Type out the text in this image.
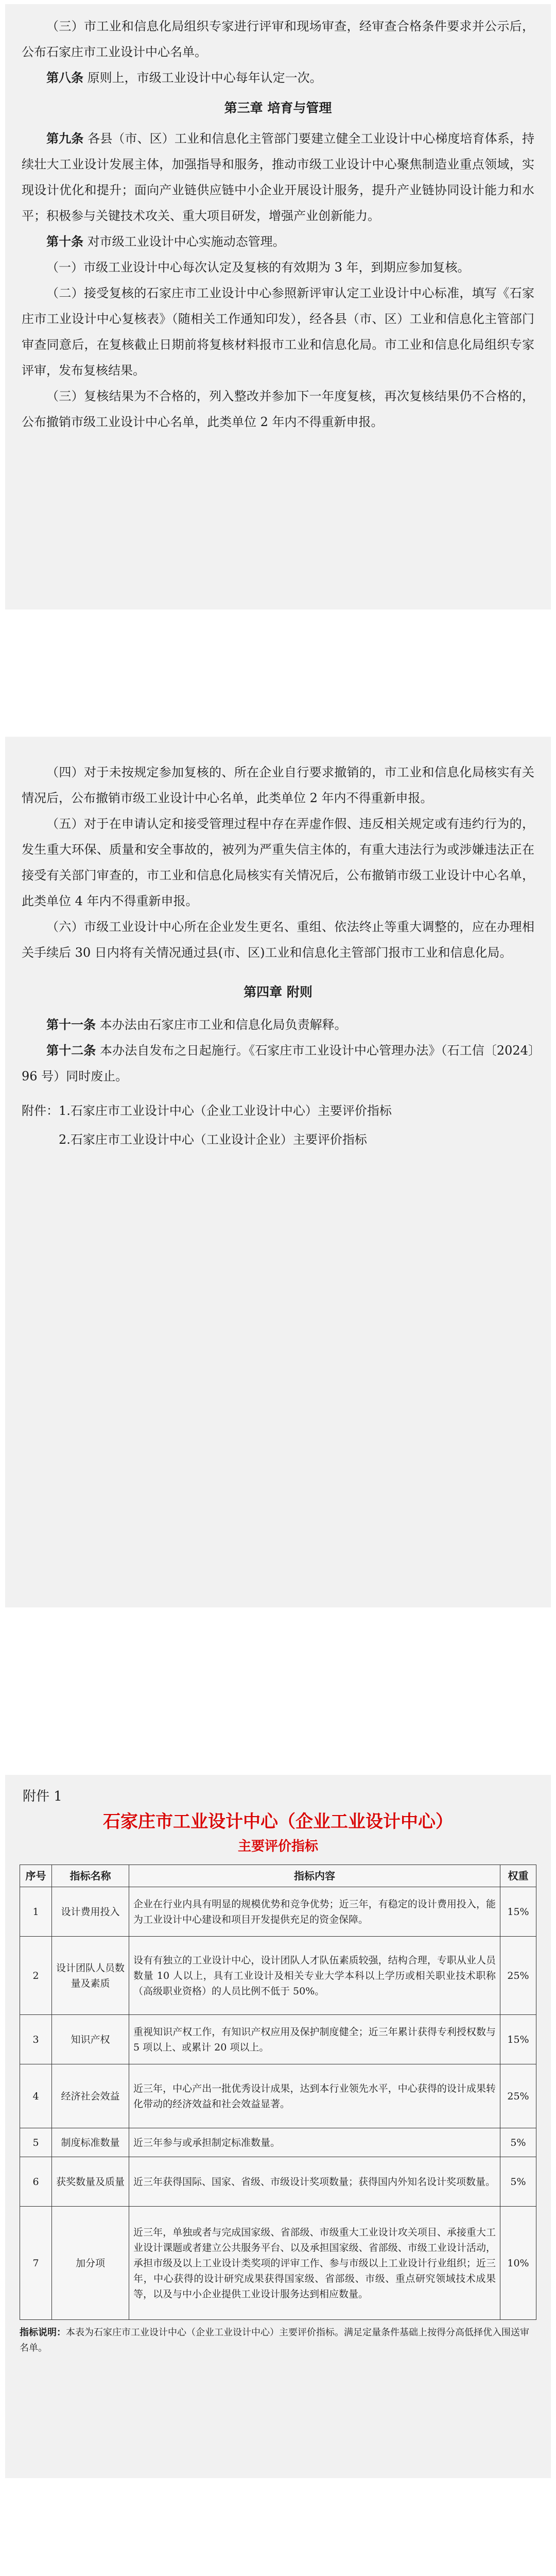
（三）市工业和信息化局组织专家进行评审和现场审查，经审查合格条件要求并公示后，公布石家庄市工业设计中心名单。

第八条 原则上，市级工业设计中心每年认定一次。

第三章 培育与管理

第九条 各县（市、区）工业和信息化主管部门要建立健全工业设计中心梯度培育体系，持续壮大工业设计发展主体，加强指导和服务，推动市级工业设计中心聚焦制造业重点领域，实现设计优化和提升；面向产业链供应链中小企业开展设计服务，提升产业链协同设计能力和水平；积极参与关键技术攻关、重大项目研发，增强产业创新能力。

第十条 对市级工业设计中心实施动态管理。

（一）市级工业设计中心每次认定及复核的有效期为 3 年，到期应参加复核。

（二）接受复核的石家庄市工业设计中心参照新评审认定工业设计中心标准，填写《石家庄市工业设计中心复核表》（随相关工作通知印发），经各县（市、区）工业和信息化主管部门审查同意后，在复核截止日期前将复核材料报市工业和信息化局。市工业和信息化局组织专家评审，发布复核结果。

（三）复核结果为不合格的，列入整改并参加下一年度复核，再次复核结果仍不合格的，公布撤销市级工业设计中心名单，此类单位 2 年内不得重新申报。

（四）对于未按规定参加复核的、所在企业自行要求撤销的，市工业和信息化局核实有关情况后，公布撤销市级工业设计中心名单，此类单位 2 年内不得重新申报。

（五）对于在申请认定和接受管理过程中存在弄虚作假、违反相关规定或有违约行为的，发生重大环保、质量和安全事故的，被列为严重失信主体的，有重大违法行为或涉嫌违法正在接受有关部门审查的，市工业和信息化局核实有关情况后，公布撤销市级工业设计中心名单，此类单位 4 年内不得重新申报。

（六）市级工业设计中心所在企业发生更名、重组、依法终止等重大调整的，应在办理相关手续后 30 日内将有关情况通过县(市、区)工业和信息化主管部门报市工业和信息化局。

第四章 附则

第十一条 本办法由石家庄市工业和信息化局负责解释。

第十二条 本办法自发布之日起施行。《石家庄市工业设计中心管理办法》（石工信〔2024〕96 号）同时废止。

附件：1.石家庄市工业设计中心（企业工业设计中心）主要评价指标

2.石家庄市工业设计中心（工业设计企业）主要评价指标

附件 1
石家庄市工业设计中心（企业工业设计中心）
主要评价指标
序号	指标名称	指标内容	权重
1	设计费用投入	企业在行业内具有明显的规模优势和竞争优势；近三年，有稳定的设计费用投入，能为工业设计中心建设和项目开发提供充足的资金保障。	15%
2	设计团队人员数量及素质	设有有独立的工业设计中心，设计团队人才队伍素质较强，结构合理，专职从业人员数量 10 人以上，具有工业设计及相关专业大学本科以上学历或相关职业技术职称（高级职业资格）的人员比例不低于 50%。	25%
3	知识产权	重视知识产权工作，有知识产权应用及保护制度健全；近三年累计获得专利授权数与 5 项以上、或累计 20 项以上。	15%
4	经济社会效益	近三年，中心产出一批优秀设计成果，达到本行业领先水平，中心获得的设计成果转化带动的经济效益和社会效益显著。	25%
5	制度标准数量	近三年参与或承担制定标准数量。	5%
6	获奖数量及质量	近三年获得国际、国家、省级、市级设计奖项数量；获得国内外知名设计奖项数量。	5%
7	加分项	近三年，单独或者与完成国家级、省部级、市级重大工业设计攻关项目、承接重大工业设计课题或者建立公共服务平台、以及承担国家级、省部级、市级工业设计活动，承担市级及以上工业设计类奖项的评审工作、参与市级以上工业设计行业组织；近三年，中心获得的设计研究成果获得国家级、省部级、市级、重点研究领域技术成果等，以及与中小企业提供工业设计服务达到相应数量。	10%
指标说明：本表为石家庄市工业设计中心（企业工业设计中心）主要评价指标。满足定量条件基础上按得分高低择优入围送审名单。
